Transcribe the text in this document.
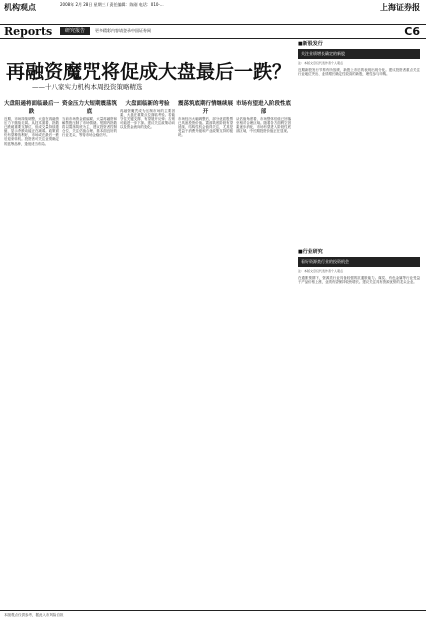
机构观点	2008年 2月 28日 星期三 / 责任编辑：陈刚 电话：010-...	上海证券报
Reports	研究报告	更多精彩内容请登录中国证券网	C6
再融资魔咒将促成大盘最后一跌？
——十八家实力机构本周投资策略精选
大盘阻遏将面临最后一跌
近期，市场持续调整，大盘在再融资压力下继续走弱。从技术面看，指数已跌破重要支撑位，但成交量持续萎缩，显示杀跌动能正在减弱。政策面仍有望释放利好，市场或在最后一跌后迎来转机。投资者可关注业绩确定的蓝筹品种，逢低适当布局。
资金压力大短期震荡筑底
当前市场资金面偏紧，大量再融资和解禁股压制了市场情绪。短期内指数将以震荡筑底为主，建议投资者控制仓位，关注估值合理、基本面良好的行业龙头，等待市场企稳信号。
大盘面临新的考验
再融资魔咒成为压制市场的主要因素，大盘在重要点位面临考验。若能守住关键支撑，有望展开反弹；否则可能进一步下探。建议关注政策动向以及资金流向的变化。
震荡筑底期行情继续展开
市场经历大幅调整后，部分优质股票已具备投资价值。震荡筑底阶段有望延续，结构性机会值得关注，尤其是受益于消费升级和产业政策支持的板块。
市场有望进入阶段性底部
从估值角度看，市场整体估值已回落至相对合理区域。随着各方面利空因素逐步消化，市场有望进入阶段性底部区域，中长期投资价值正在显现。
■新股发行
关注业绩增长确定的新股
注：本版文章仅代表作者个人观点
近期新股发行节奏有所放缓，新股上市后的表现出现分化。建议投资者重点关注行业地位突出、业绩增长确定性较高的新股，理性参与申购。
■行业研究
看好资源类行业的投资机会
注：本版文章仅代表作者个人观点
在通胀预期下，资源类行业具备较强的抗通胀能力。煤炭、有色金属等行业受益于产品价格上涨，业绩有望保持较快增长。建议关注具有资源优势的龙头企业。
本版观点仅供参考，据此入市风险自担
